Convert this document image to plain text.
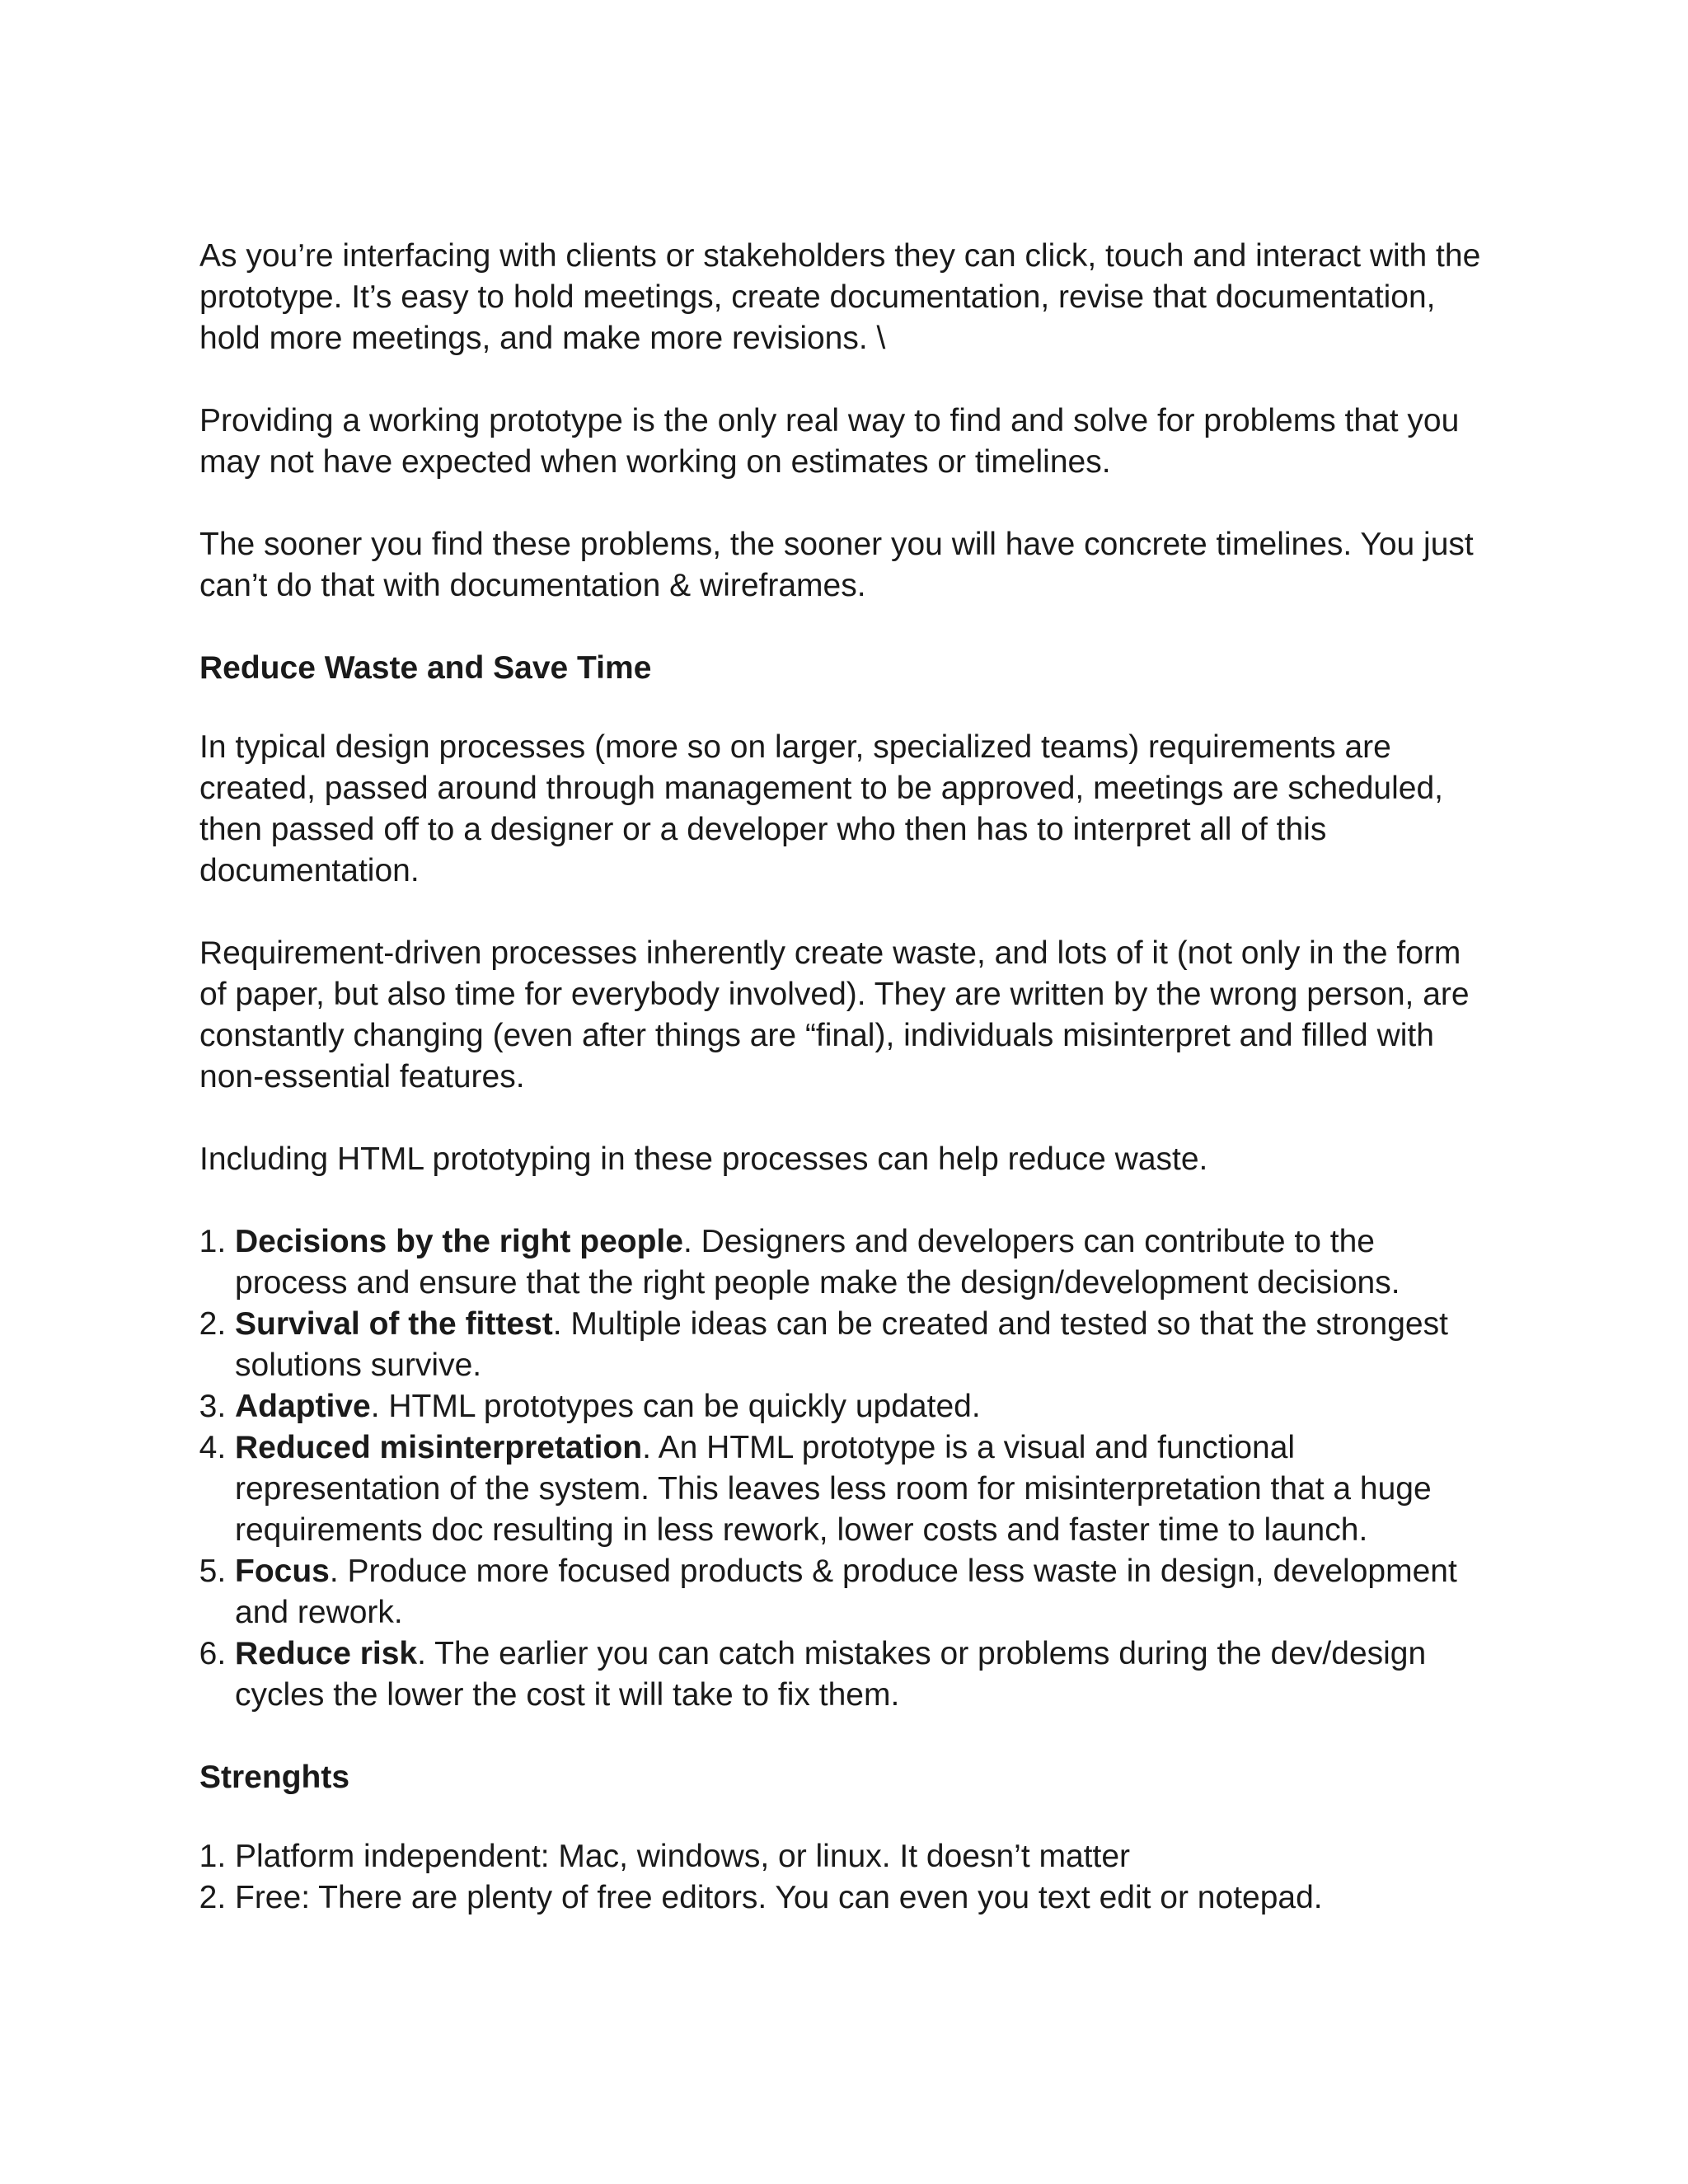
As you’re interfacing with clients or stakeholders they can click, touch and interact with the prototype. It’s easy to hold meetings, create documentation, revise that documentation, hold more meetings, and make more revisions. \

Providing a working prototype is the only real way to find and solve for problems that you may not have expected when working on estimates or timelines.

The sooner you find these problems, the sooner you will have concrete timelines. You just can’t do that with documentation & wireframes.

Reduce Waste and Save Time

In typical design processes (more so on larger, specialized teams) requirements are created, passed around through management to be approved, meetings are scheduled, then passed off to a designer or a developer who then has to interpret all of this documentation.

Requirement-driven processes inherently create waste, and lots of it (not only in the form of paper, but also time for everybody involved). They are written by the wrong person, are constantly changing (even after things are “final), individuals misinterpret and filled with non-essential features.

Including HTML prototyping in these processes can help reduce waste.

1. Decisions by the right people. Designers and developers can contribute to the process and ensure that the right people make the design/development decisions.
2. Survival of the fittest. Multiple ideas can be created and tested so that the strongest solutions survive.
3. Adaptive. HTML prototypes can be quickly updated.
4. Reduced misinterpretation. An HTML prototype is a visual and functional representation of the system. This leaves less room for misinterpretation that a huge requirements doc resulting in less rework, lower costs and faster time to launch.
5. Focus. Produce more focused products & produce less waste in design, development and rework.
6. Reduce risk. The earlier you can catch mistakes or problems during the dev/design cycles the lower the cost it will take to fix them.
Strenghts
1. Platform independent: Mac, windows, or linux. It doesn’t matter
2. Free: There are plenty of free editors. You can even you text edit or notepad.
